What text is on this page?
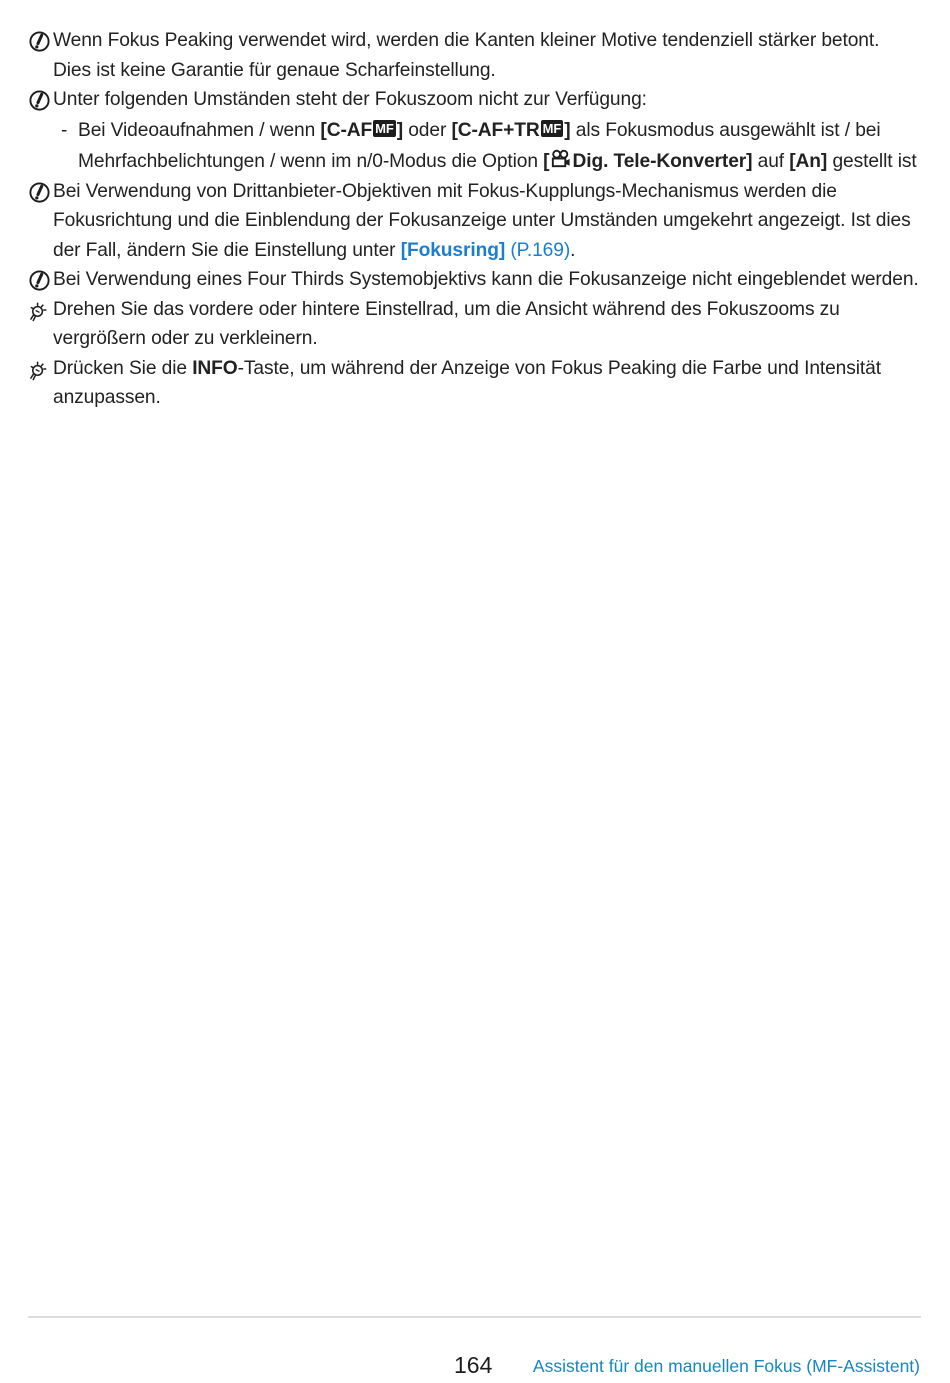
Wenn Fokus Peaking verwendet wird, werden die Kanten kleiner Motive tendenziell stärker betont. Dies ist keine Garantie für genaue Scharfeinstellung.
Unter folgenden Umständen steht der Fokuszoom nicht zur Verfügung:
- Bei Videoaufnahmen / wenn [C-AF MF ] oder [C-AF+TR MF ] als Fokusmodus ausgewählt ist / bei Mehrfachbelichtungen / wenn im n/0-Modus die Option [ Dig. Tele-Konverter] auf [An] gestellt ist
Bei Verwendung von Drittanbieter-Objektiven mit Fokus-Kupplungs-Mechanismus werden die Fokusrichtung und die Einblendung der Fokusanzeige unter Umständen umgekehrt angezeigt. Ist dies der Fall, ändern Sie die Einstellung unter [Fokusring] (P.169).
Bei Verwendung eines Four Thirds Systemobjektivs kann die Fokusanzeige nicht eingeblendet werden.
Drehen Sie das vordere oder hintere Einstellrad, um die Ansicht während des Fokuszooms zu vergrößern oder zu verkleinern.
Drücken Sie die INFO-Taste, um während der Anzeige von Fokus Peaking die Farbe und Intensität anzupassen.
164 Assistent für den manuellen Fokus (MF-Assistent)
